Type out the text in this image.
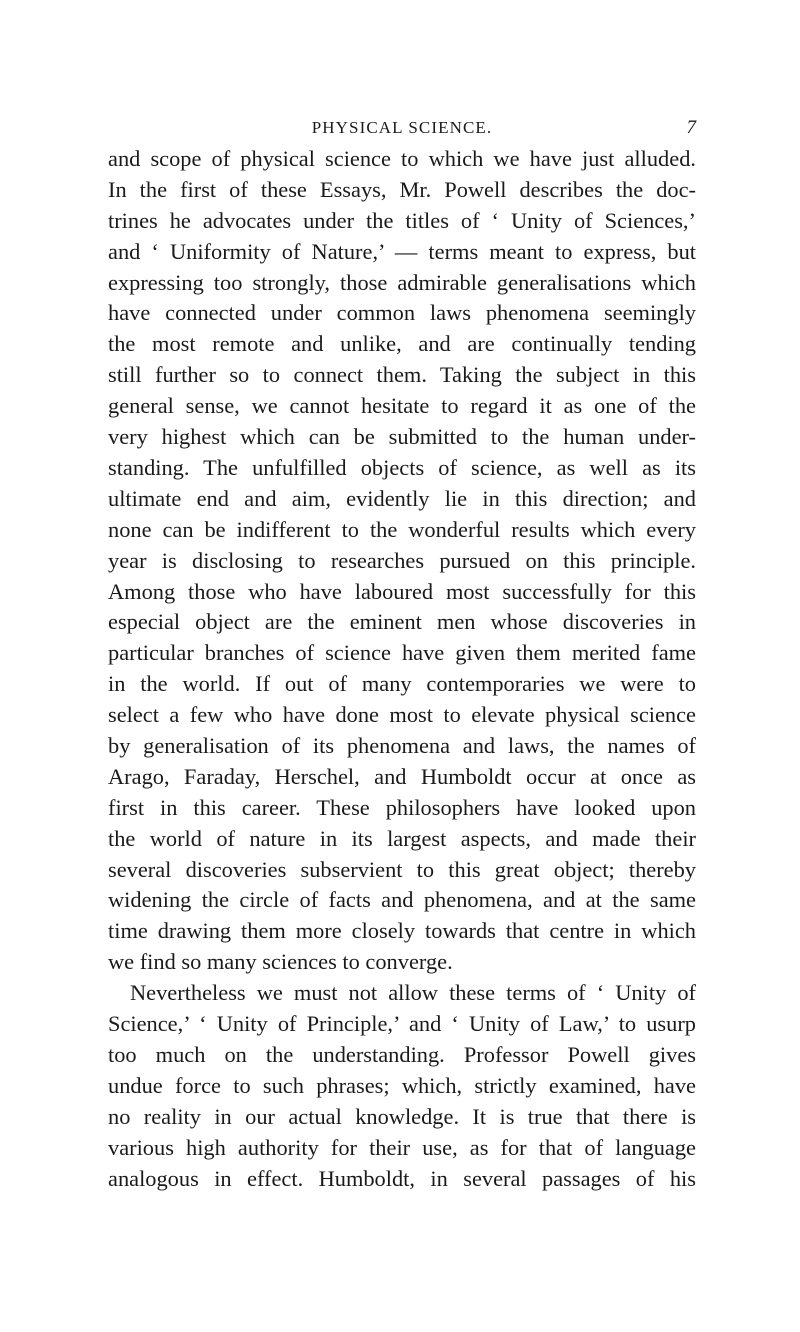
PHYSICAL SCIENCE.	7
and scope of physical science to which we have just alluded.
In the first of these Essays, Mr. Powell describes the doc-
trines he advocates under the titles of ‘ Unity of Sciences,’
and ‘ Uniformity of Nature,’ — terms meant to express, but
expressing too strongly, those admirable generalisations which
have connected under common laws phenomena seemingly
the most remote and unlike, and are continually tending
still further so to connect them. Taking the subject in this
general sense, we cannot hesitate to regard it as one of the
very highest which can be submitted to the human under-
standing. The unfulfilled objects of science, as well as its
ultimate end and aim, evidently lie in this direction; and
none can be indifferent to the wonderful results which every
year is disclosing to researches pursued on this principle.
Among those who have laboured most successfully for this
especial object are the eminent men whose discoveries in
particular branches of science have given them merited fame
in the world. If out of many contemporaries we were to
select a few who have done most to elevate physical science
by generalisation of its phenomena and laws, the names of
Arago, Faraday, Herschel, and Humboldt occur at once as
first in this career. These philosophers have looked upon
the world of nature in its largest aspects, and made their
several discoveries subservient to this great object; thereby
widening the circle of facts and phenomena, and at the same
time drawing them more closely towards that centre in which
we find so many sciences to converge.
Nevertheless we must not allow these terms of ‘ Unity of
Science,’ ‘ Unity of Principle,’ and ‘ Unity of Law,’ to usurp
too much on the understanding. Professor Powell gives
undue force to such phrases; which, strictly examined, have
no reality in our actual knowledge. It is true that there is
various high authority for their use, as for that of language
analogous in effect. Humboldt, in several passages of his
